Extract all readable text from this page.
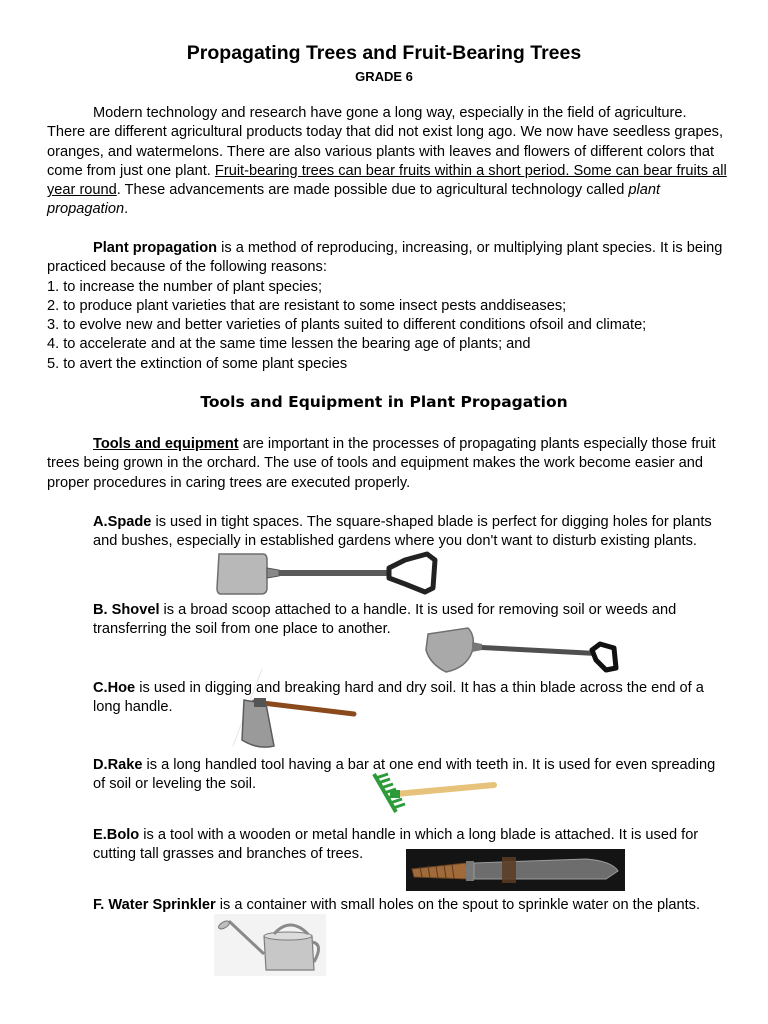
Propagating Trees and Fruit-Bearing Trees
GRADE 6
Modern technology and research have gone a long way, especially in the field of agriculture. There are different agricultural products today that did not exist long ago. We now have seedless grapes, oranges, and watermelons. There are also various plants with leaves and flowers of different colors that come from just one plant. Fruit-bearing trees can bear fruits within a short period. Some can bear fruits all year round. These advancements are made possible due to agricultural technology called plant propagation.
Plant propagation is a method of reproducing, increasing, or multiplying plant species. It is being practiced because of the following reasons:
1. to increase the number of plant species;
2. to produce plant varieties that are resistant to some insect pests anddiseases;
3. to evolve new and better varieties of plants suited to different conditions ofsoil and climate;
4. to accelerate and at the same time lessen the bearing age of plants; and
5. to avert the extinction of some plant species
Tools and Equipment in Plant Propagation
Tools and equipment are important in the processes of propagating plants especially those fruit trees being grown in the orchard. The use of tools and equipment makes the work become easier and proper procedures in caring trees are executed properly.
A.Spade is used in tight spaces. The square-shaped blade is perfect for digging holes for plants and bushes, especially in established gardens where you don't want to disturb existing plants.
B. Shovel is a broad scoop attached to a handle. It is used for removing soil or weeds and transferring the soil from one place to another.
C.Hoe is used in digging and breaking hard and dry soil. It has a thin blade across the end of a long handle.
D.Rake is a long handled tool having a bar at one end with teeth in. It is used for even spreading of soil or leveling the soil.
E.Bolo is a tool with a wooden or metal handle in which a long blade is attached. It is used for cutting tall grasses and branches of trees.
F. Water Sprinkler is a container with small holes on the spout to sprinkle water on the plants.
